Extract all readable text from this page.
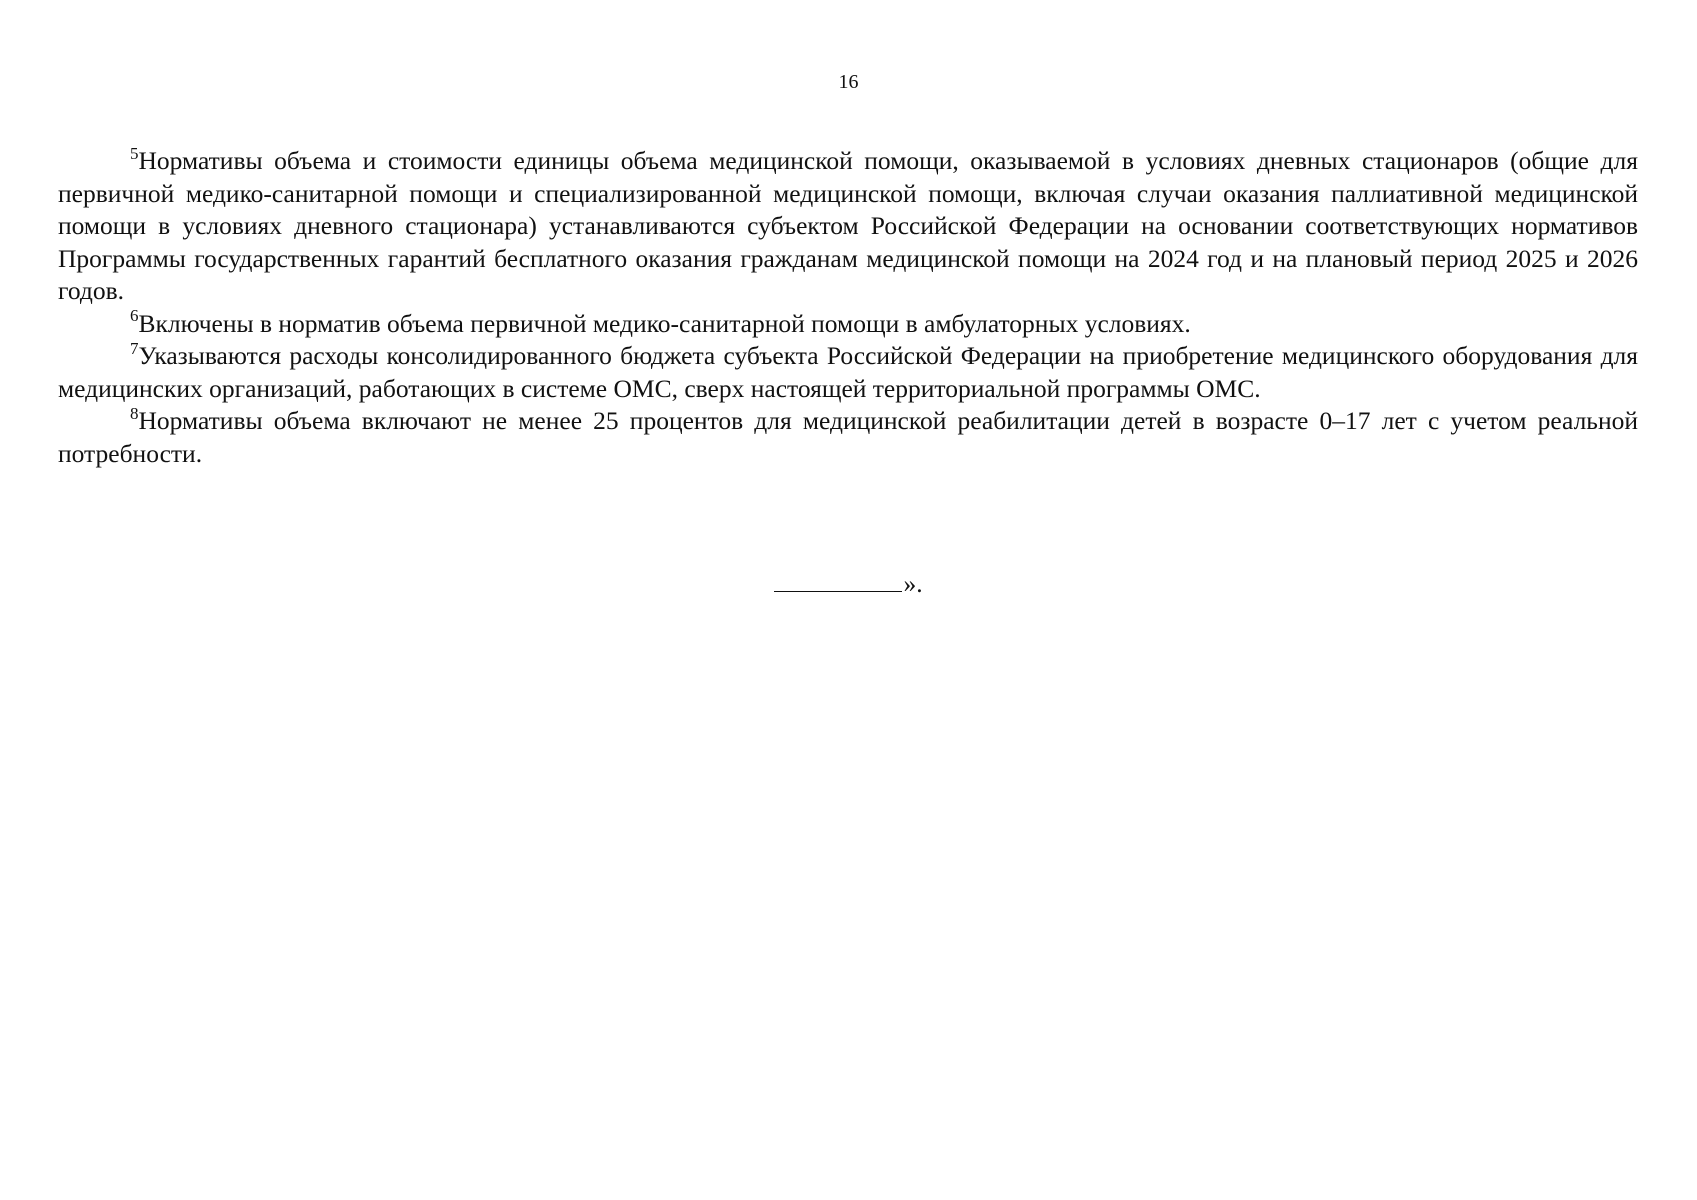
16

$^5$Нормативы объема и стоимости единицы объема медицинской помощи, оказываемой в условиях дневных стационаров (общие для первичной медико-санитарной помощи и специализированной медицинской помощи, включая случаи оказания паллиативной медицинской помощи в условиях дневного стационара) устанавливаются субъектом Российской Федерации на основании соответствующих нормативов Программы государственных гарантий бесплатного оказания гражданам медицинской помощи на 2024 год и на плановый период 2025 и 2026 годов.

$^6$Включены в норматив объема первичной медико-санитарной помощи в амбулаторных условиях.

$^7$Указываются расходы консолидированного бюджета субъекта Российской Федерации на приобретение медицинского оборудования для медицинских организаций, работающих в системе ОМС, сверх настоящей территориальной программы ОМС.

$^8$Нормативы объема включают не менее 25 процентов для медицинской реабилитации детей в возрасте 0–17 лет с учетом реальной потребности.

».
